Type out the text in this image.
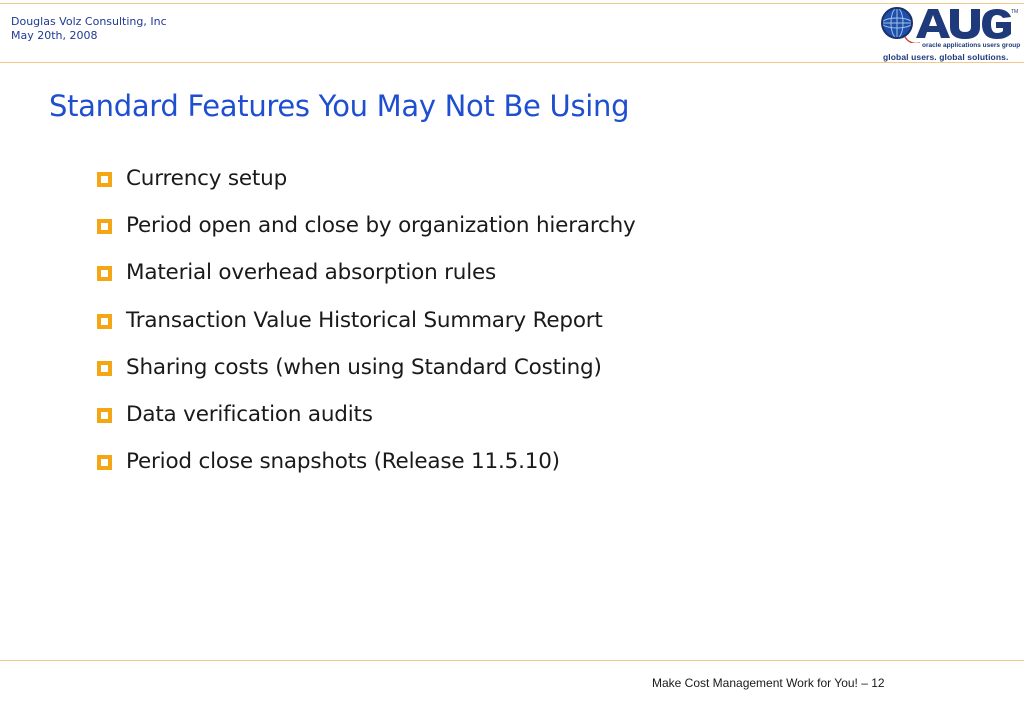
Douglas Volz Consulting, Inc
May 20th, 2008
TM
oracle applications users group
global users. global solutions.
Standard Features You May Not Be Using
Currency setup
Period open and close by organization hierarchy
Material overhead absorption rules
Transaction Value Historical Summary Report
Sharing costs (when using Standard Costing)
Data verification audits
Period close snapshots (Release 11.5.10)
Make Cost Management Work for You! – 12
